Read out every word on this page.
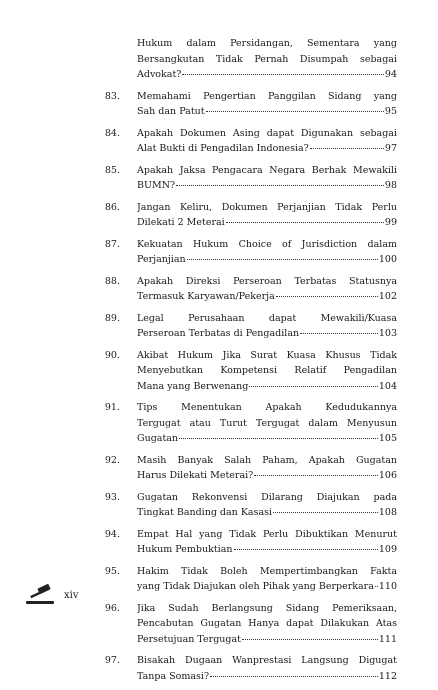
Hukum dalam Persidangan, Sementara yang
Bersangkutan Tidak Pernah Disumpah sebagai
Advokat?	94
83. Memahami Pengertian Panggilan Sidang yang
Sah dan Patut	95
84. Apakah Dokumen Asing dapat Digunakan sebagai
Alat Bukti di Pengadilan Indonesia?	97
85. Apakah Jaksa Pengacara Negara Berhak Mewakili
BUMN?	98
86. Jangan Keliru, Dokumen Perjanjian Tidak Perlu
Dilekati 2 Meterai	99
87. Kekuatan Hukum Choice of Jurisdiction dalam
Perjanjian	100
88. Apakah Direksi Perseroan Terbatas Statusnya
Termasuk Karyawan/Pekerja	102
89. Legal Perusahaan dapat Mewakili/Kuasa
Perseroan Terbatas di Pengadilan	103
90. Akibat Hukum Jika Surat Kuasa Khusus Tidak
Menyebutkan Kompetensi Relatif Pengadilan
Mana yang Berwenang	104
91. Tips Menentukan Apakah Kedudukannya
Tergugat atau Turut Tergugat dalam Menyusun
Gugatan	105
92. Masih Banyak Salah Paham, Apakah Gugatan
Harus Dilekati Meterai?	106
93. Gugatan Rekonvensi Dilarang Diajukan pada
Tingkat Banding dan Kasasi	108
94. Empat Hal yang Tidak Perlu Dibuktikan Menurut
Hukum Pembuktian	109
95. Hakim Tidak Boleh Mempertimbangkan Fakta
yang Tidak Diajukan oleh Pihak yang Berperkara 110
96. Jika Sudah Berlangsung Sidang Pemeriksaan,
Pencabutan Gugatan Hanya dapat Dilakukan Atas
Persetujuan Tergugat	111
97. Bisakah Dugaan Wanprestasi Langsung Digugat
Tanpa Somasi?	112
xiv
